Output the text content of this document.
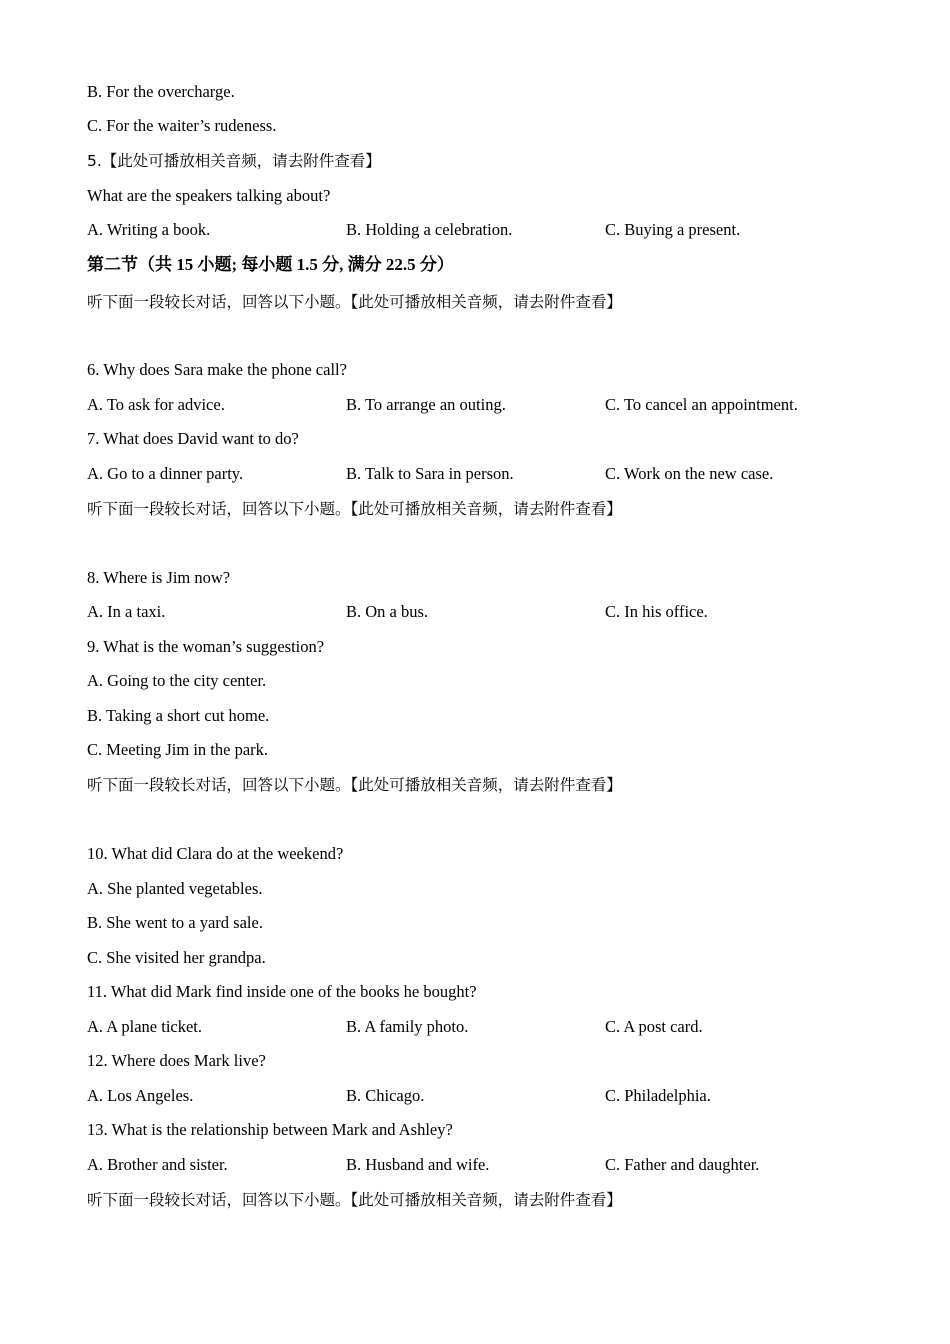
B. For the overcharge.
C. For the waiter’s rudeness.
5.【此处可播放相关音频，请去附件查看】
What are the speakers talking about?
A. Writing a book.	B. Holding a celebration.	C. Buying a present.
第二节（共 15 小题; 每小题 1.5 分, 满分 22.5 分）
听下面一段较长对话，回答以下小题。【此处可播放相关音频，请去附件查看】
6. Why does Sara make the phone call?
A. To ask for advice.	B. To arrange an outing.	C. To cancel an appointment.
7. What does David want to do?
A. Go to a dinner party.	B. Talk to Sara in person.	C. Work on the new case.
听下面一段较长对话，回答以下小题。【此处可播放相关音频，请去附件查看】
8. Where is Jim now?
A. In a taxi.	B. On a bus.	C. In his office.
9. What is the woman’s suggestion?
A. Going to the city center.
B. Taking a short cut home.
C. Meeting Jim in the park.
听下面一段较长对话，回答以下小题。【此处可播放相关音频，请去附件查看】
10. What did Clara do at the weekend?
A. She planted vegetables.
B. She went to a yard sale.
C. She visited her grandpa.
11. What did Mark find inside one of the books he bought?
A. A plane ticket.	B. A family photo.	C. A post card.
12. Where does Mark live?
A. Los Angeles.	B. Chicago.	C. Philadelphia.
13. What is the relationship between Mark and Ashley?
A. Brother and sister.	B. Husband and wife.	C. Father and daughter.
听下面一段较长对话，回答以下小题。【此处可播放相关音频，请去附件查看】
